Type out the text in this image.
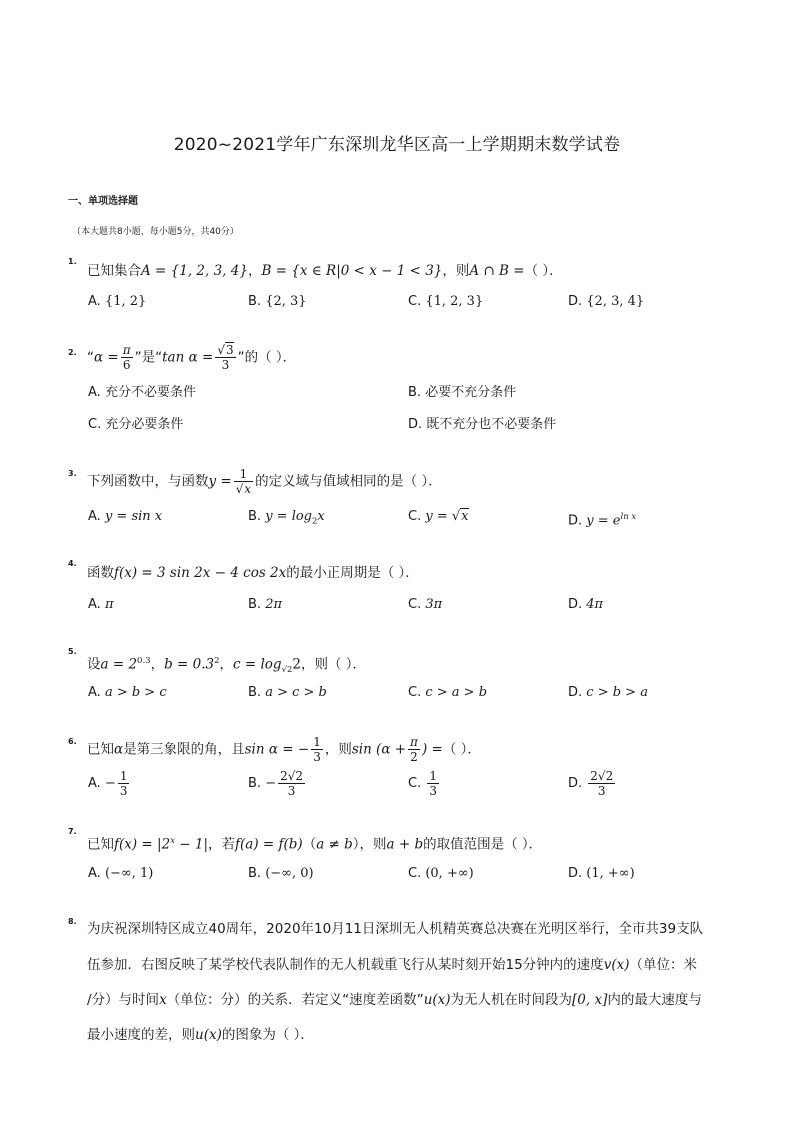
2020~2021学年广东深圳龙华区高一上学期期末数学试卷
一、单项选择题
（本大题共8小题，每小题5分，共40分）
1.
已知集合A = {1, 2, 3, 4}，B = {x ∈ R|0 < x − 1 < 3}，则A ∩ B =（ ）．
A. {1, 2}	B. {2, 3}	C. {1, 2, 3}	D. {2, 3, 4}
2. “$\alpha = \frac{\pi}{6}$ ”是“tan $\alpha = \frac{√3}{3}$ ”的（ ）．
A. 充分不必要条件	B. 必要不充分条件
C. 充分必要条件	D. 既不充分也不必要条件
3. 下列函数中，与函数$y = \frac{1}{√x}$ 的定义域与值域相同的是（ ）．
A. y = sin x	B. $y = \log_2x$	C. y = √x	D. $y = e^{ln x}$
4.
函数f(x) = 3 sin 2x − 4 cos 2x的最小正周期是（ ）．
A. π	B. 2π	C. 3π	D. 4π
5.
设$a = 2^{0.3}$，$b = 0.3^2$，$c = \log_{√2}2$，则（ ）．
A. a > b > c	B. a > c > b	C. c > a > b	D. c > b > a
6. 已知α是第三象限的角，且sin α = − $\frac{1}{3}$ ，则$\sin (\alpha + \frac{\pi}{2}$ ) =（ ）．
A. − $\frac{1}{3}$	B. − $\frac{2√2}{3}$	C. $\frac{1}{3}$	D. $\frac{2√2}{3}$
7.
已知$f(x) = |2^x - 1|$，若f(a) = f(b)（a ≠ b），则a + b的取值范围是（ ）．
A. (−∞, 1)	B. (−∞, 0)	C. (0, +∞)	D. (1, +∞)
8. 为庆祝深圳特区成立40周年，2020年10月11日深圳无人机精英赛总决赛在光明区举行，全市共39支队
伍参加．右图反映了某学校代表队制作的无人机载重飞行从某时刻开始15分钟内的速度v(x)（单位：米
/分）与时间x（单位：分）的关系．若定义“速度差函数”u(x)为无人机在时间段为[0, x]内的最大速度与
最小速度的差，则u(x)的图象为（ ）．
